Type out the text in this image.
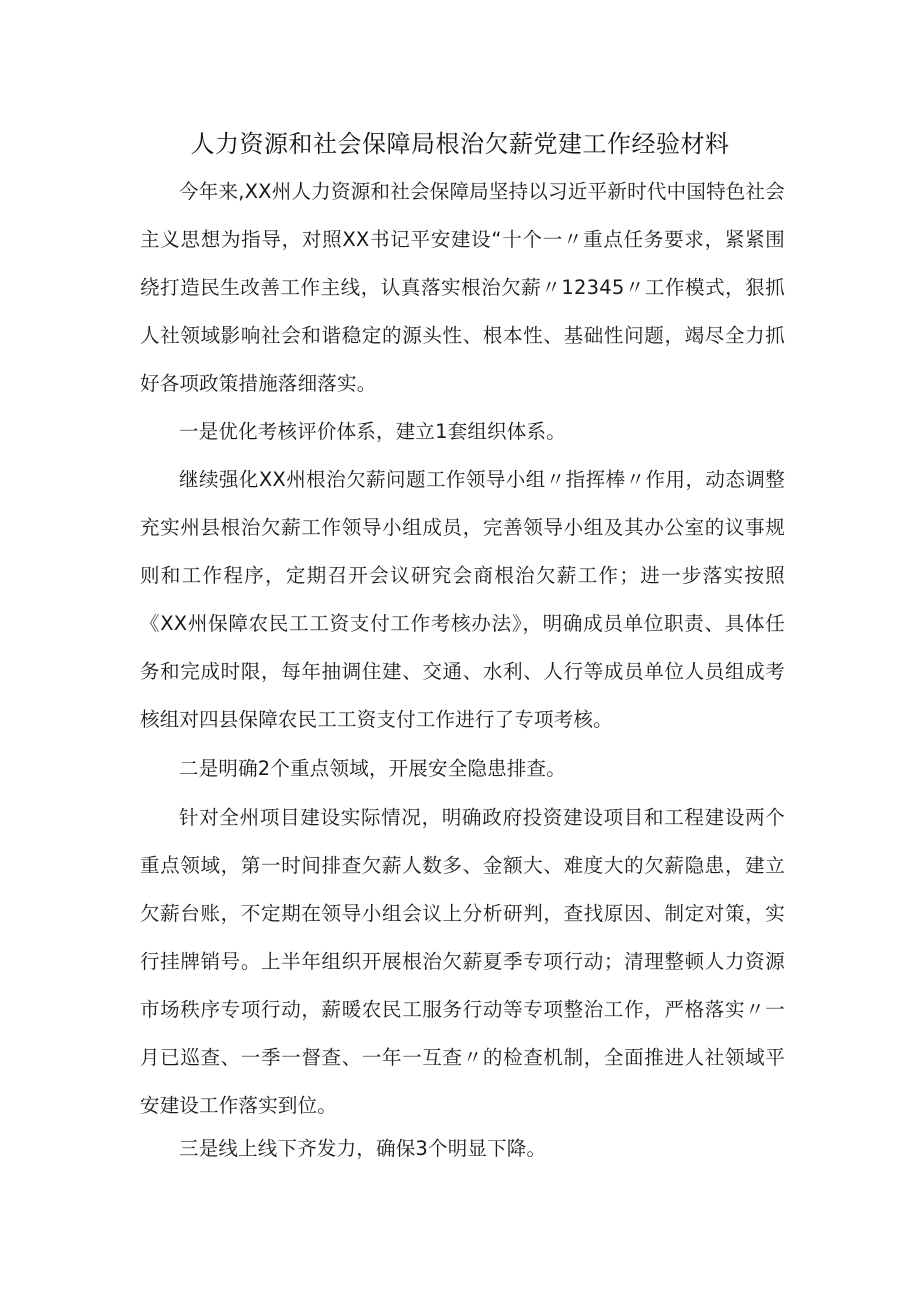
人力资源和社会保障局根治欠薪党建工作经验材料

今年来,XX州人力资源和社会保障局坚持以习近平新时代中国特色社会主义思想为指导，对照XX书记平安建设“十个一〃重点任务要求，紧紧围绕打造民生改善工作主线，认真落实根治欠薪〃12345〃工作模式，狠抓人社领域影响社会和谐稳定的源头性、根本性、基础性问题，竭尽全力抓好各项政策措施落细落实。

一是优化考核评价体系，建立1套组织体系。

继续强化XX州根治欠薪问题工作领导小组〃指挥棒〃作用，动态调整充实州县根治欠薪工作领导小组成员，完善领导小组及其办公室的议事规则和工作程序，定期召开会议研究会商根治欠薪工作；进一步落实按照《XX州保障农民工工资支付工作考核办法》，明确成员单位职责、具体任务和完成时限，每年抽调住建、交通、水利、人行等成员单位人员组成考核组对四县保障农民工工资支付工作进行了专项考核。

二是明确2个重点领域，开展安全隐患排查。

针对全州项目建设实际情况，明确政府投资建设项目和工程建设两个重点领域，第一时间排查欠薪人数多、金额大、难度大的欠薪隐患，建立欠薪台账，不定期在领导小组会议上分析研判，查找原因、制定对策，实行挂牌销号。上半年组织开展根治欠薪夏季专项行动；清理整顿人力资源市场秩序专项行动，薪暖农民工服务行动等专项整治工作，严格落实〃一月已巡查、一季一督查、一年一互查〃的检查机制，全面推进人社领域平安建设工作落实到位。

三是线上线下齐发力，确保3个明显下降。
